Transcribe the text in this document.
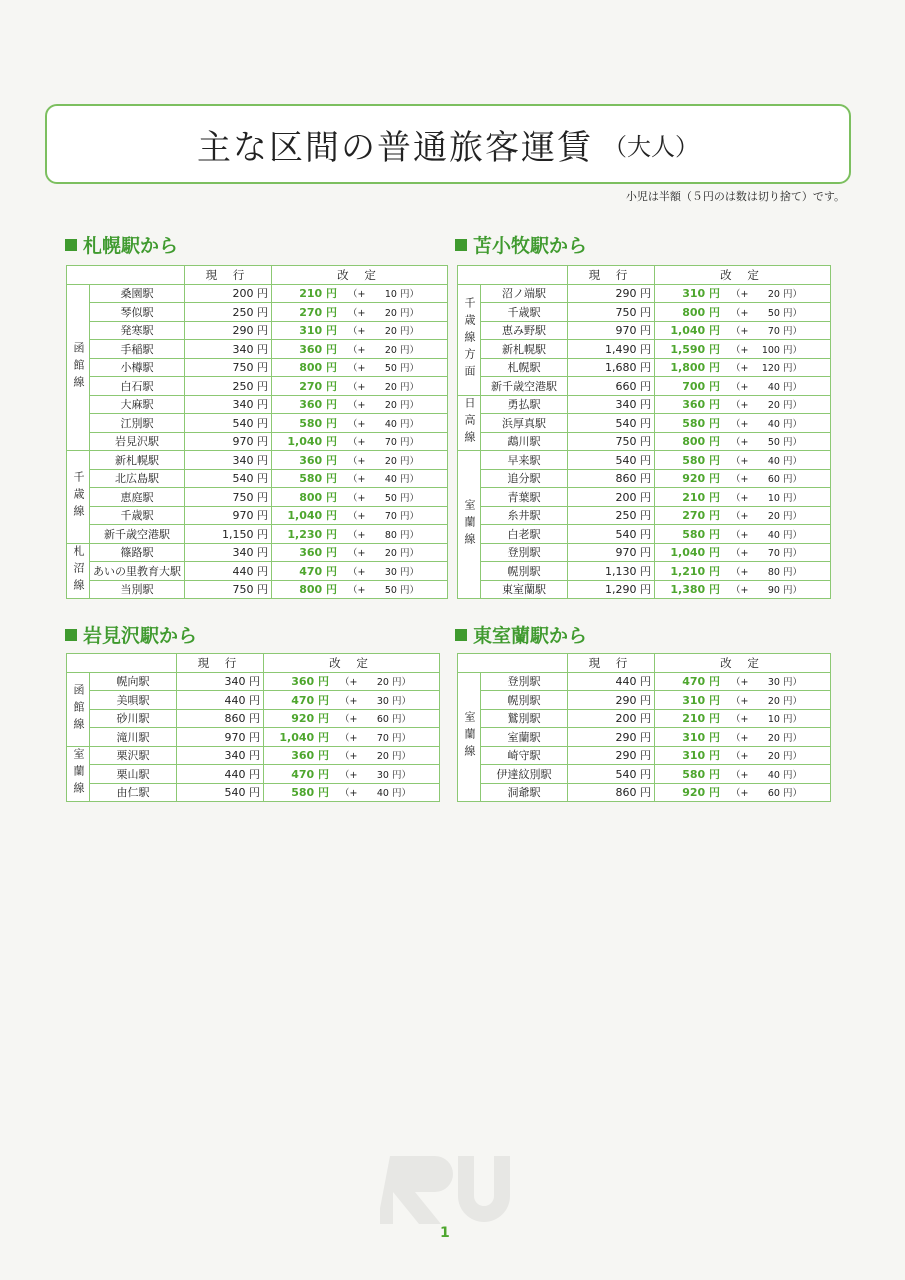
主な区間の普通旅客運賃 （大人）
小児は半額（５円のは数は切り捨て）です。
札幌駅から
		現 行	改 定	
函館線	桑園駅	200 円	210 円	（+ 10 円）
	琴似駅	250 円	270 円	（+ 20 円）
	発寒駅	290 円	310 円	（+ 20 円）
	手稲駅	340 円	360 円	（+ 20 円）
	小樽駅	750 円	800 円	（+ 50 円）
	白石駅	250 円	270 円	（+ 20 円）
	大麻駅	340 円	360 円	（+ 20 円）
	江別駅	540 円	580 円	（+ 40 円）
	岩見沢駅	970 円	1,040 円	（+ 70 円）
千歳線	新札幌駅	340 円	360 円	（+ 20 円）
	北広島駅	540 円	580 円	（+ 40 円）
	恵庭駅	750 円	800 円	（+ 50 円）
	千歳駅	970 円	1,040 円	（+ 70 円）
	新千歳空港駅	1,150 円	1,230 円	（+ 80 円）
札沼線	篠路駅	340 円	360 円	（+ 20 円）
	あいの里教育大駅	440 円	470 円	（+ 30 円）
	当別駅	750 円	800 円	（+ 50 円）
苫小牧駅から
		現 行	改 定	
千歳線方面	沼ノ端駅	290 円	310 円	（+ 20 円）
	千歳駅	750 円	800 円	（+ 50 円）
	恵み野駅	970 円	1,040 円	（+ 70 円）
	新札幌駅	1,490 円	1,590 円	（+ 100 円）
	札幌駅	1,680 円	1,800 円	（+ 120 円）
	新千歳空港駅	660 円	700 円	（+ 40 円）
日高線	勇払駅	340 円	360 円	（+ 20 円）
	浜厚真駅	540 円	580 円	（+ 40 円）
	鵡川駅	750 円	800 円	（+ 50 円）
室蘭線	早来駅	540 円	580 円	（+ 40 円）
	追分駅	860 円	920 円	（+ 60 円）
	青葉駅	200 円	210 円	（+ 10 円）
	糸井駅	250 円	270 円	（+ 20 円）
	白老駅	540 円	580 円	（+ 40 円）
	登別駅	970 円	1,040 円	（+ 70 円）
	幌別駅	1,130 円	1,210 円	（+ 80 円）
	東室蘭駅	1,290 円	1,380 円	（+ 90 円）
岩見沢駅から
		現 行	改 定	
函館線	幌向駅	340 円	360 円	（+ 20 円）
	美唄駅	440 円	470 円	（+ 30 円）
	砂川駅	860 円	920 円	（+ 60 円）
	滝川駅	970 円	1,040 円	（+ 70 円）
室蘭線	栗沢駅	340 円	360 円	（+ 20 円）
	栗山駅	440 円	470 円	（+ 30 円）
	由仁駅	540 円	580 円	（+ 40 円）
東室蘭駅から
		現 行	改 定	
室蘭線	登別駅	440 円	470 円	（+ 30 円）
	幌別駅	290 円	310 円	（+ 20 円）
	鷲別駅	200 円	210 円	（+ 10 円）
	室蘭駅	290 円	310 円	（+ 20 円）
	崎守駅	290 円	310 円	（+ 20 円）
	伊達紋別駅	540 円	580 円	（+ 40 円）
	洞爺駅	860 円	920 円	（+ 60 円）
1
